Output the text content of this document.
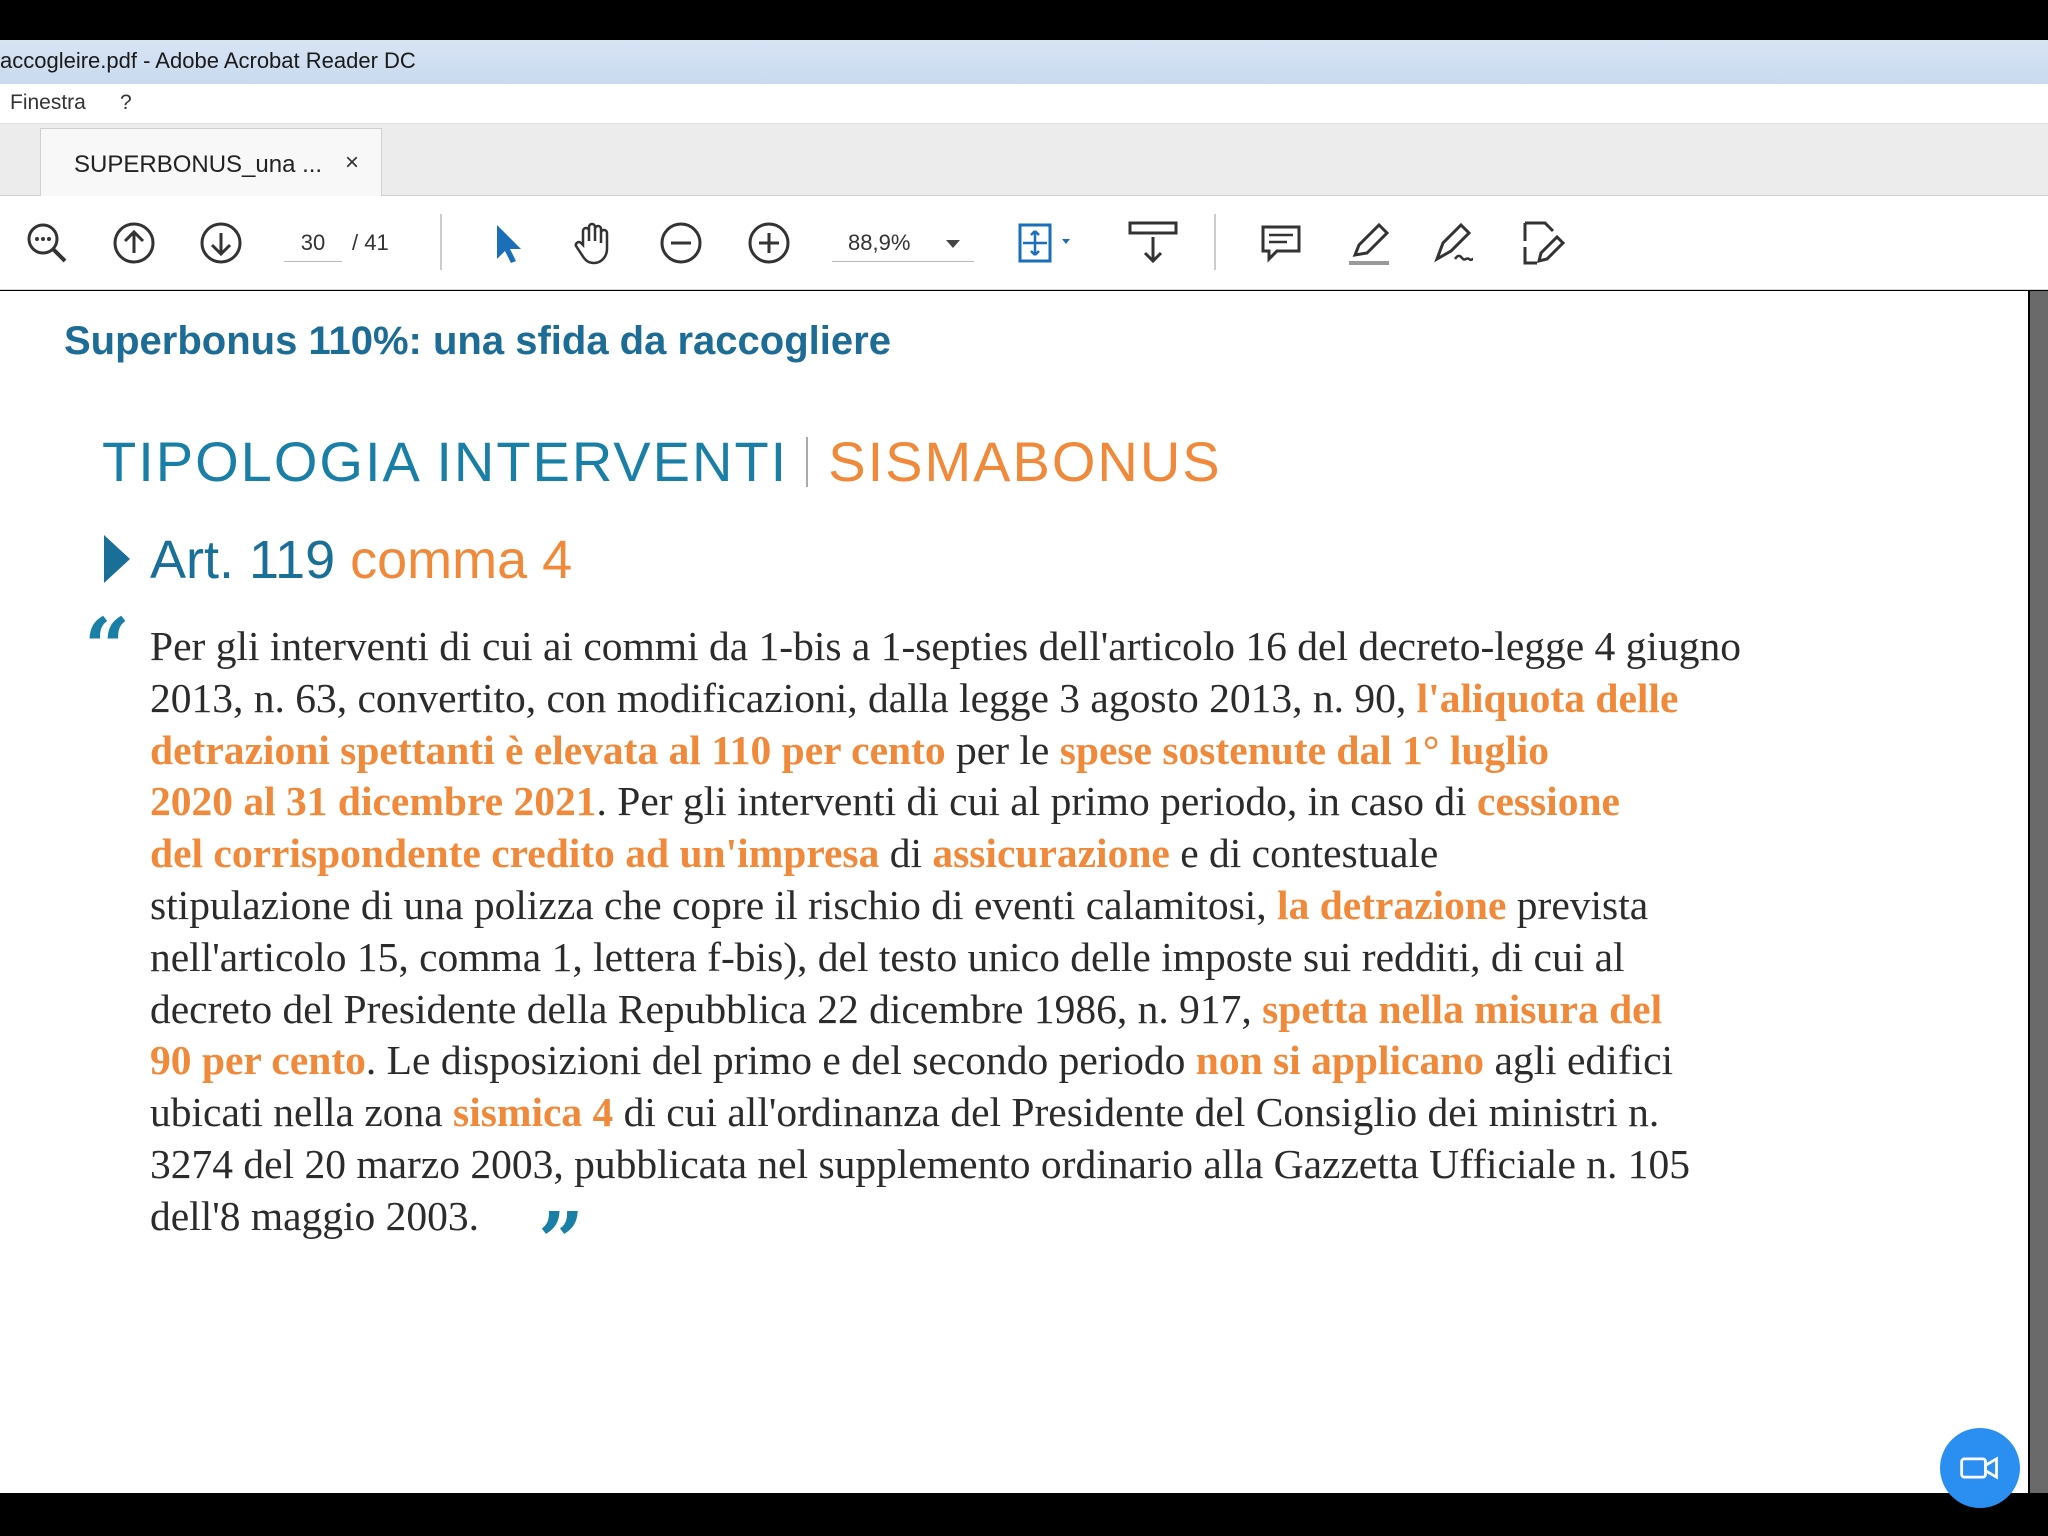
accogleire.pdf - Adobe Acrobat Reader DC
Finestra ?
SUPERBONUS_una ... ×
30	/ 41	88,9%
Superbonus 110%: una sfida da raccogliere
TIPOLOGIA INTERVENTI SISMABONUS
Art. 119 comma 4
“ Per gli interventi di cui ai commi da 1-bis a 1-septies dell'articolo 16 del decreto-legge 4 giugno
2013, n. 63, convertito, con modificazioni, dalla legge 3 agosto 2013, n. 90, l'aliquota delle
detrazioni spettanti è elevata al 110 per cento per le spese sostenute dal 1° luglio
2020 al 31 dicembre 2021. Per gli interventi di cui al primo periodo, in caso di cessione
del corrispondente credito ad un'impresa di assicurazione e di contestuale
stipulazione di una polizza che copre il rischio di eventi calamitosi, la detrazione prevista
nell'articolo 15, comma 1, lettera f-bis), del testo unico delle imposte sui redditi, di cui al
decreto del Presidente della Repubblica 22 dicembre 1986, n. 917, spetta nella misura del
90 per cento. Le disposizioni del primo e del secondo periodo non si applicano agli edifici
ubicati nella zona sismica 4 di cui all'ordinanza del Presidente del Consiglio dei ministri n.
3274 del 20 marzo 2003, pubblicata nel supplemento ordinario alla Gazzetta Ufficiale n. 105
dell'8 maggio 2003. ”
